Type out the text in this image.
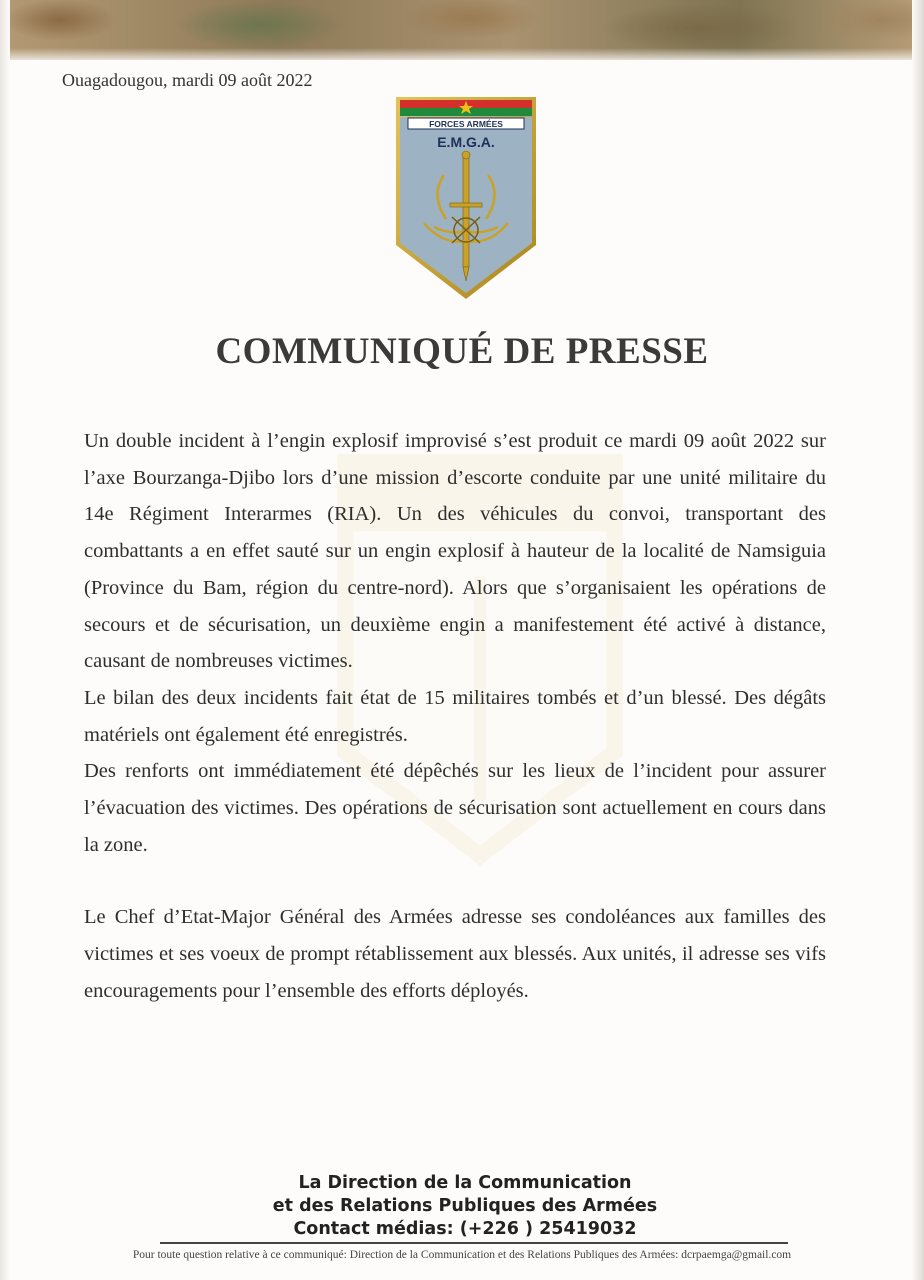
Ouagadougou, mardi 09 août 2022
FORCES ARMÉES
E.M.G.A.
COMMUNIQUÉ DE PRESSE

Un double incident à l’engin explosif improvisé s’est produit ce mardi 09 août 2022 sur l’axe Bourzanga-Djibo lors d’une mission d’escorte conduite par une unité militaire du 14e Régiment Interarmes (RIA). Un des véhicules du convoi, transportant des combattants a en effet sauté sur un engin explosif à hauteur de la localité de Namsiguia (Province du Bam, région du centre-nord). Alors que s’organisaient les opérations de secours et de sécurisation, un deuxième engin a manifestement été activé à distance, causant de nombreuses victimes.

Le bilan des deux incidents fait état de 15 militaires tombés et d’un blessé. Des dégâts matériels ont également été enregistrés.

Des renforts ont immédiatement été dépêchés sur les lieux de l’incident pour assurer l’évacuation des victimes. Des opérations de sécurisation sont actuellement en cours dans la zone.

Le Chef d’Etat-Major Général des Armées adresse ses condoléances aux familles des victimes et ses voeux de prompt rétablissement aux blessés. Aux unités, il adresse ses vifs encouragements pour l’ensemble des efforts déployés.

La Direction de la Communication
et des Relations Publiques des Armées
Contact médias: (+226 ) 25419032
Pour toute question relative à ce communiqué: Direction de la Communication et des Relations Publiques des Armées: dcrpaemga@gmail.com
